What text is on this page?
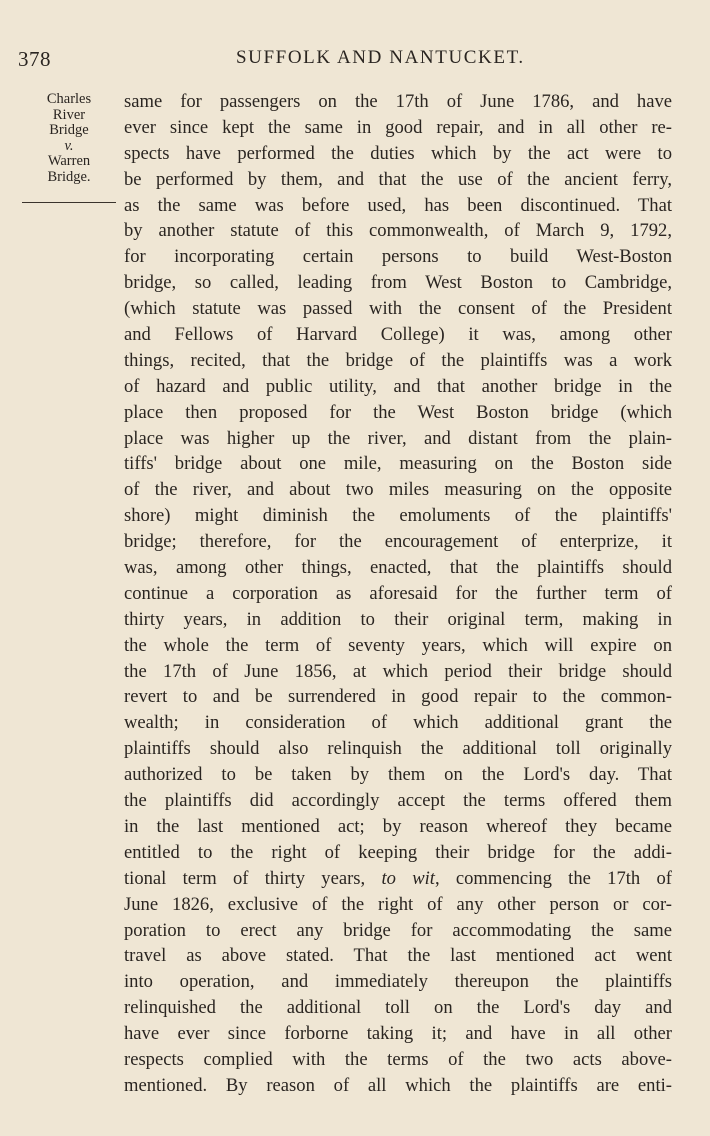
378	SUFFOLK AND NANTUCKET.
Charles
River
Bridge
v.
Warren
Bridge.
same for passengers on the 17th of June 1786, and have
ever since kept the same in good repair, and in all other re-
spects have performed the duties which by the act were to
be performed by them, and that the use of the ancient ferry,
as the same was before used, has been discontinued. That
by another statute of this commonwealth, of March 9, 1792,
for incorporating certain persons to build West-Boston
bridge, so called, leading from West Boston to Cambridge,
(which statute was passed with the consent of the President
and Fellows of Harvard College) it was, among other
things, recited, that the bridge of the plaintiffs was a work
of hazard and public utility, and that another bridge in the
place then proposed for the West Boston bridge (which
place was higher up the river, and distant from the plain-
tiffs' bridge about one mile, measuring on the Boston side
of the river, and about two miles measuring on the opposite
shore) might diminish the emoluments of the plaintiffs'
bridge; therefore, for the encouragement of enterprize, it
was, among other things, enacted, that the plaintiffs should
continue a corporation as aforesaid for the further term of
thirty years, in addition to their original term, making in
the whole the term of seventy years, which will expire on
the 17th of June 1856, at which period their bridge should
revert to and be surrendered in good repair to the common-
wealth; in consideration of which additional grant the
plaintiffs should also relinquish the additional toll originally
authorized to be taken by them on the Lord's day. That
the plaintiffs did accordingly accept the terms offered them
in the last mentioned act; by reason whereof they became
entitled to the right of keeping their bridge for the addi-
tional term of thirty years, to wit, commencing the 17th of
June 1826, exclusive of the right of any other person or cor-
poration to erect any bridge for accommodating the same
travel as above stated. That the last mentioned act went
into operation, and immediately thereupon the plaintiffs
relinquished the additional toll on the Lord's day and
have ever since forborne taking it; and have in all other
respects complied with the terms of the two acts above-
mentioned. By reason of all which the plaintiffs are enti-
